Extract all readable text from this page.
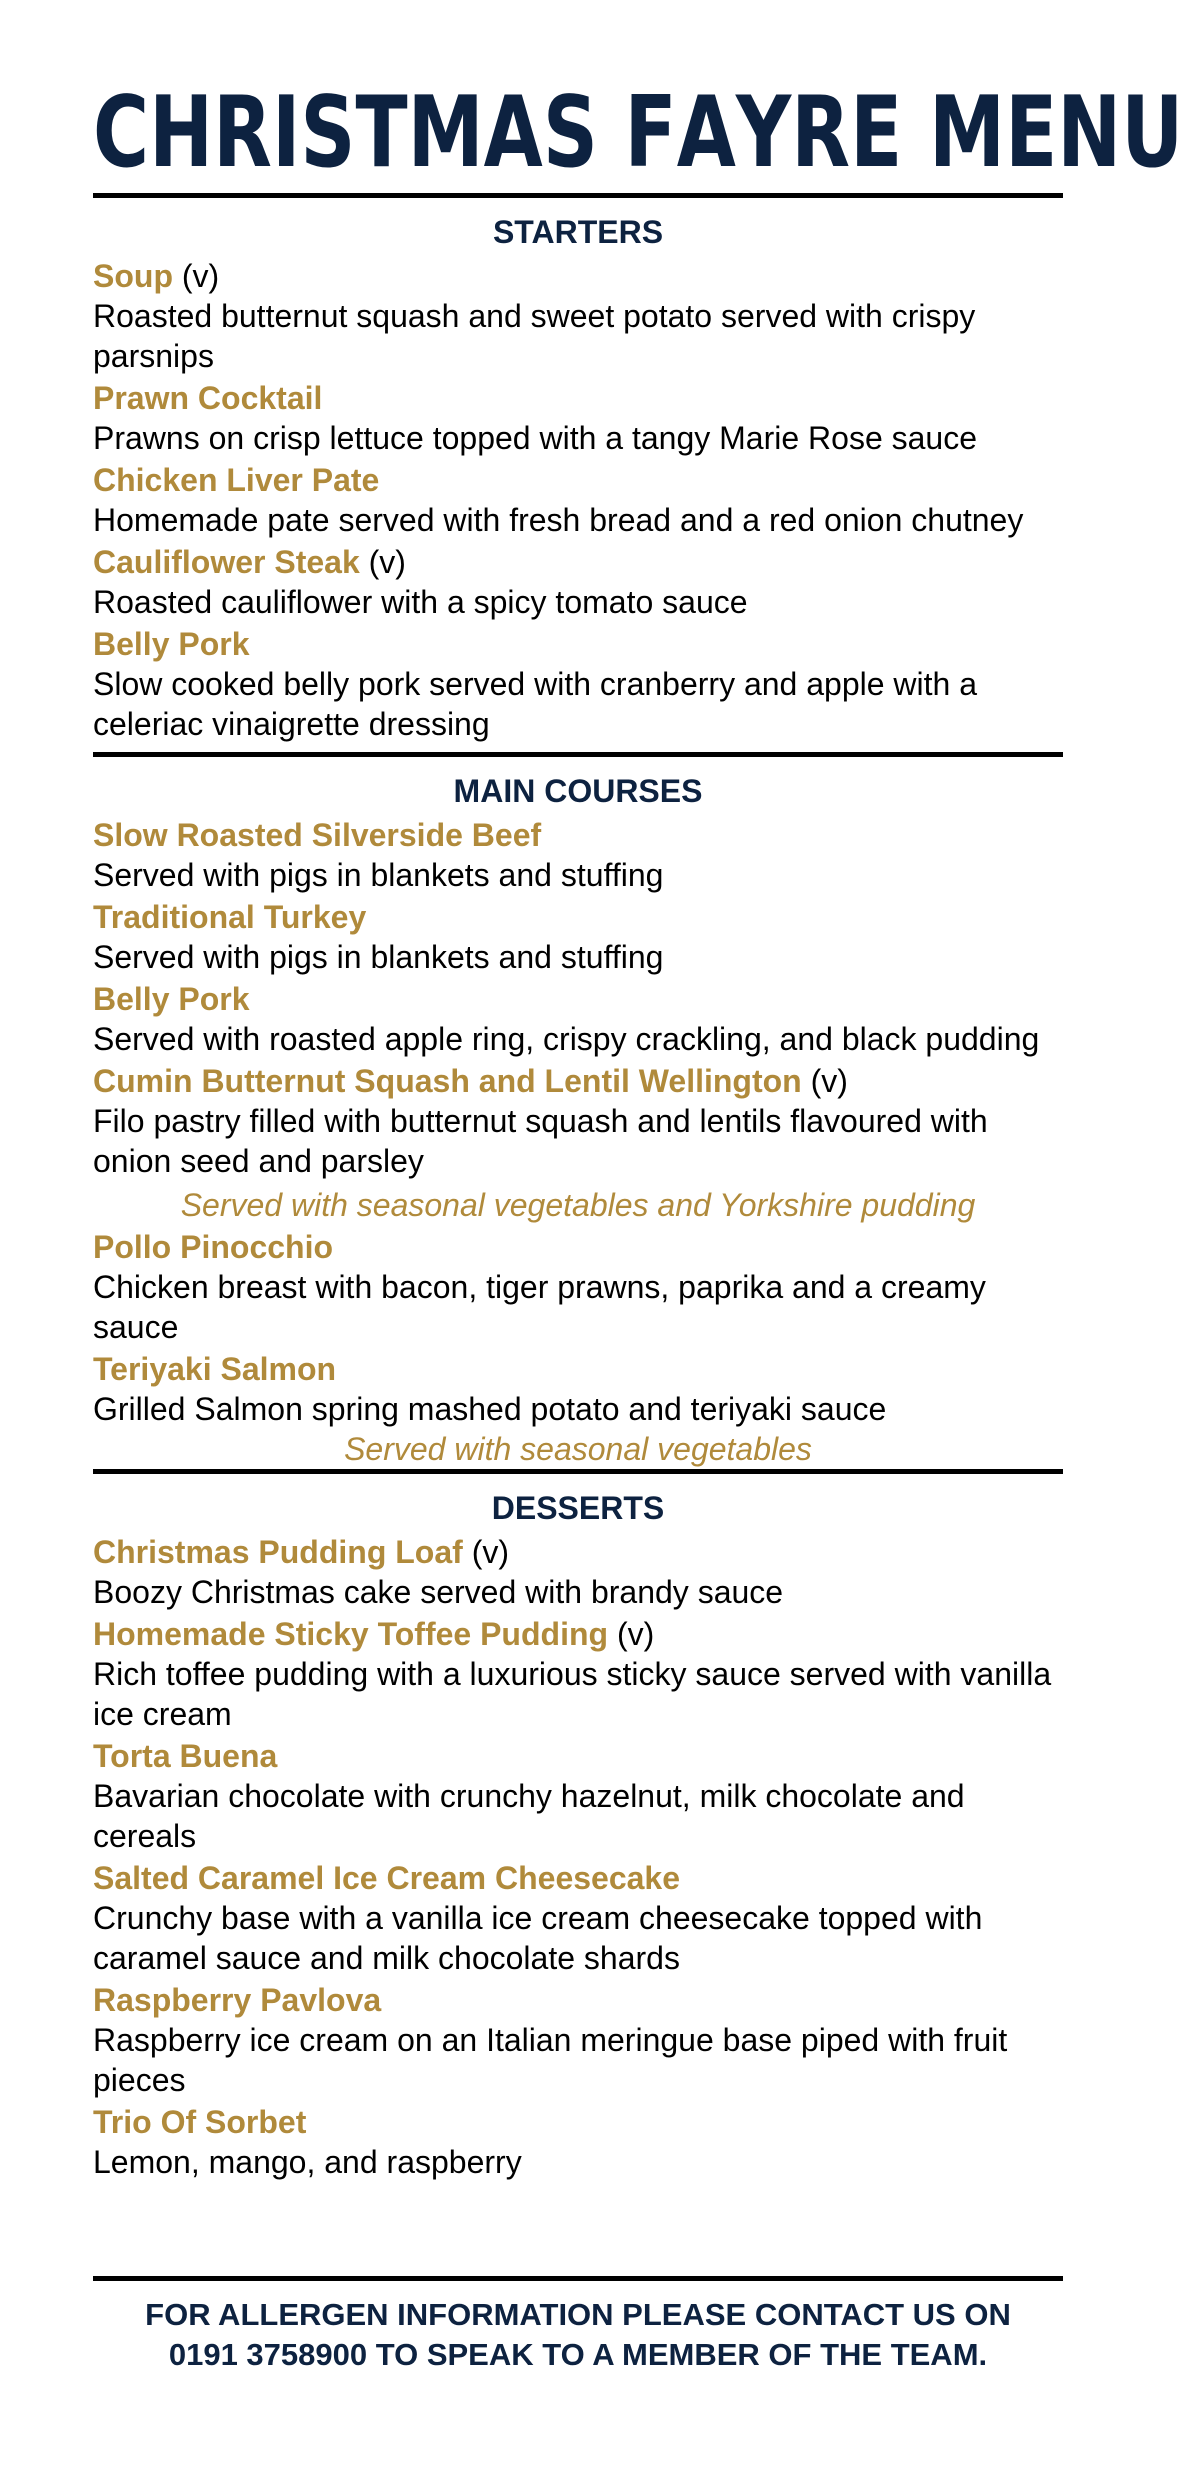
C H R I S T M A S
F A Y R E
M E N U
STARTERS
Soup (v)
Roasted butternut squash and sweet potato served with crispy parsnips
Prawn Cocktail
Prawns on crisp lettuce topped with a tangy Marie Rose sauce
Chicken Liver Pate
Homemade pate served with fresh bread and a red onion chutney
Cauliflower Steak (v)
Roasted cauliflower with a spicy tomato sauce
Belly Pork
Slow cooked belly pork served with cranberry and apple with a celeriac vinaigrette dressing
MAIN COURSES
Slow Roasted Silverside Beef
Served with pigs in blankets and stuffing
Traditional Turkey
Served with pigs in blankets and stuffing
Belly Pork
Served with roasted apple ring, crispy crackling, and black pudding
Cumin Butternut Squash and Lentil Wellington (v)
Filo pastry filled with butternut squash and lentils flavoured with onion seed and parsley
Served with seasonal vegetables and Yorkshire pudding
Pollo Pinocchio
Chicken breast with bacon, tiger prawns, paprika and a creamy sauce
Teriyaki Salmon
Grilled Salmon spring mashed potato and teriyaki sauce
Served with seasonal vegetables
DESSERTS
Christmas Pudding Loaf (v)
Boozy Christmas cake served with brandy sauce
Homemade Sticky Toffee Pudding (v)
Rich toffee pudding with a luxurious sticky sauce served with vanilla ice cream
Torta Buena
Bavarian chocolate with crunchy hazelnut, milk chocolate and cereals
Salted Caramel Ice Cream Cheesecake
Crunchy base with a vanilla ice cream cheesecake topped with caramel sauce and milk chocolate shards
Raspberry Pavlova
Raspberry ice cream on an Italian meringue base piped with fruit pieces
Trio Of Sorbet
Lemon, mango, and raspberry
FOR ALLERGEN INFORMATION PLEASE CONTACT US ON
0191 3758900 TO SPEAK TO A MEMBER OF THE TEAM.
